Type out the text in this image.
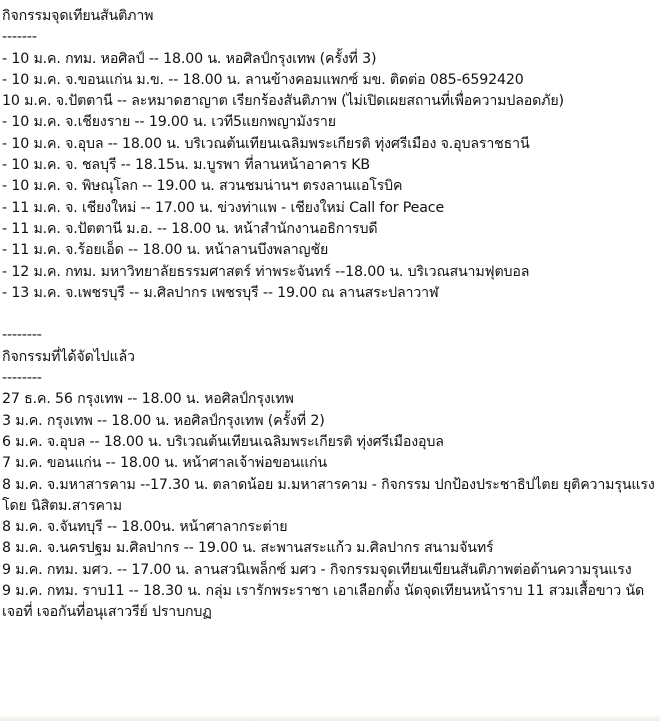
กิจกรรมจุดเทียนสันติภาพ
-------
- 10 ม.ค. กทม. หอศิลป์ -- 18.00 น. หอศิลป์กรุงเทพ (ครั้งที่ 3)
- 10 ม.ค. จ.ขอนแก่น ม.ข. -- 18.00 น. ลานข้างคอมแพกซ์ มข. ติดต่อ 085-6592420
10 ม.ค. จ.ปัตตานี -- ละหมาดฮาญาต เรียกร้องสันติภาพ (ไม่เปิดเผยสถานที่เพื่อความปลอดภัย)
- 10 ม.ค. จ.เชียงราย -- 19.00 น. เวที5แยกพญามังราย
- 10 ม.ค. จ.อุบล -- 18.00 น. บริเวณต้นเทียนเฉลิมพระเกียรติ ทุ่งศรีเมือง จ.อุบลราชธานี
- 10 ม.ค. จ. ชลบุรี -- 18.15น. ม.บูรพา ที่ลานหน้าอาคาร KB
- 10 ม.ค. จ. พิษณุโลก -- 19.00 น. สวนชมน่านฯ ตรงลานแอโรบิค
- 11 ม.ค. จ. เชียงใหม่ -- 17.00 น. ข่วงท่าแพ - เชียงใหม่ Call for Peace
- 11 ม.ค. จ.ปัตตานี ม.อ. -- 18.00 น. หน้าสำนักงานอธิการบดี
- 11 ม.ค. จ.ร้อยเอ็ด -- 18.00 น. หน้าลานบึงพลาญชัย
- 12 ม.ค. กทม. มหาวิทยาลัยธรรมศาสตร์ ท่าพระจันทร์ --18.00 น. บริเวณสนามฟุตบอล
- 13 ม.ค. จ.เพชรบุรี -- ม.ศิลปากร เพชรบุรี -- 19.00 ณ ลานสระปลาวาฬ
--------
กิจกรรมที่ได้จัดไปแล้ว
--------
27 ธ.ค. 56 กรุงเทพ -- 18.00 น. หอศิลป์กรุงเทพ
3 ม.ค. กรุงเทพ -- 18.00 น. หอศิลป์กรุงเทพ (ครั้งที่ 2)
6 ม.ค. จ.อุบล -- 18.00 น. บริเวณต้นเทียนเฉลิมพระเกียรติ ทุ่งศรีเมืองอุบล
7 ม.ค. ขอนแก่น -- 18.00 น. หน้าศาลเจ้าพ่อขอนแก่น
8 ม.ค. จ.มหาสารคาม --17.30 น. ตลาดน้อย ม.มหาสารคาม - กิจกรรม ปกป้องประชาธิปไตย ยุติความรุนแรง โดย นิสิตม.สารคาม
8 ม.ค. จ.จันทบุรี -- 18.00น. หน้าศาลากระต่าย
8 ม.ค. จ.นครปฐม ม.ศิลปากร -- 19.00 น. สะพานสระแก้ว ม.ศิลปากร สนามจันทร์
9 ม.ค. กทม. มศว. -- 17.00 น. ลานสวนิเพล็กซ์ มศว - กิจกรรมจุดเทียนเขียนสันติภาพต่อต้านความรุนแรง
9 ม.ค. กทม. ราบ11 -- 18.30 น. กลุ่ม เรารักพระราชา เอาเลือกตั้ง นัดจุดเทียนหน้าราบ 11 สวมเสื้อขาว นัดเจอที่ เจอกันที่อนุเสาวรีย์ ปราบกบฏ
